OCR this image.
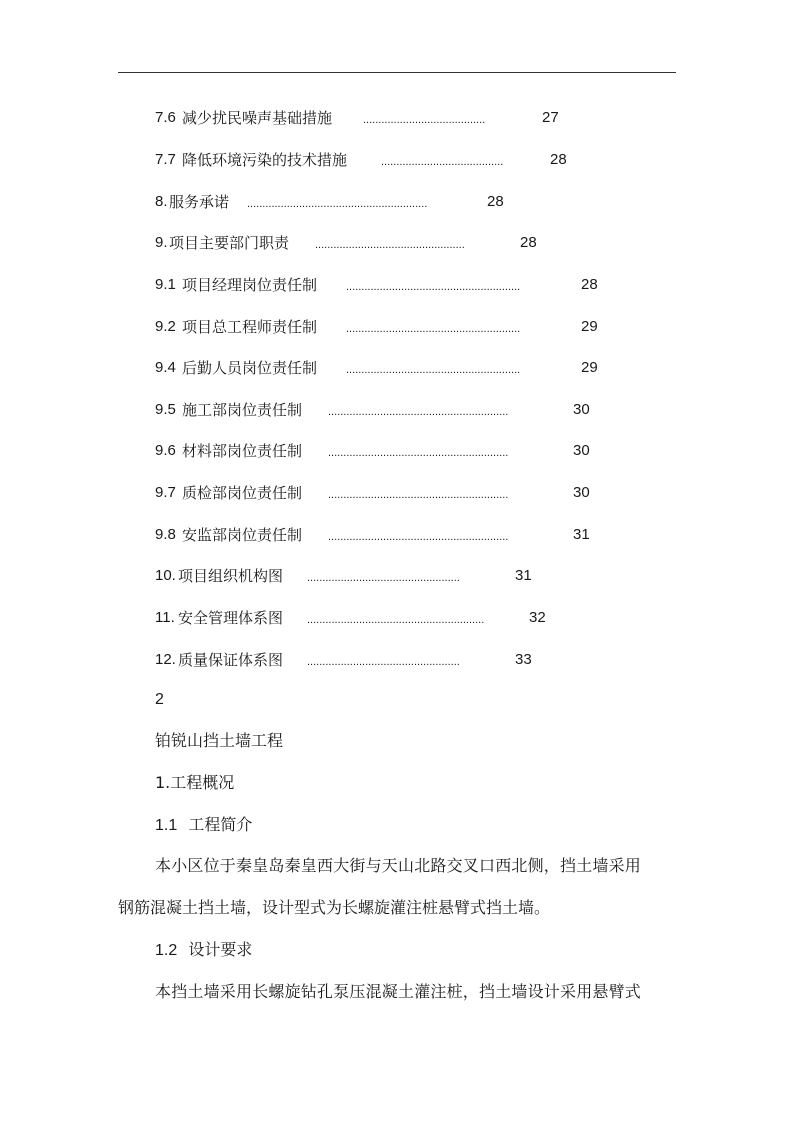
7.6 减少扰民噪声基础措施	........................................	27
7.7 降低环境污染的技术措施	........................................	28
8. 服务承诺 ...........................................................	28
9. 项目主要部门职责 .................................................	28
9.1 项目经理岗位责任制	.........................................................	28
9.2 项目总工程师责任制	.........................................................	29
9.4 后勤人员岗位责任制	.........................................................	29
9.5 施工部岗位责任制 ...........................................................	30
9.6 材料部岗位责任制 ...........................................................	30
9.7 质检部岗位责任制 ...........................................................	30
9.8 安监部岗位责任制 ...........................................................	31
10. 项目组织机构图 ..................................................	31
11. 安全管理体系图 ..........................................................	32
12. 质量保证体系图 ..................................................	33
2
铂锐山挡土墙工程
1.工程概况
1.1 工程简介
本小区位于秦皇岛秦皇西大街与天山北路交叉口西北侧，挡土墙采用
钢筋混凝土挡土墙，设计型式为长螺旋灌注桩悬臂式挡土墙。
1.2 设计要求
本挡土墙采用长螺旋钻孔泵压混凝土灌注桩，挡土墙设计采用悬臂式
